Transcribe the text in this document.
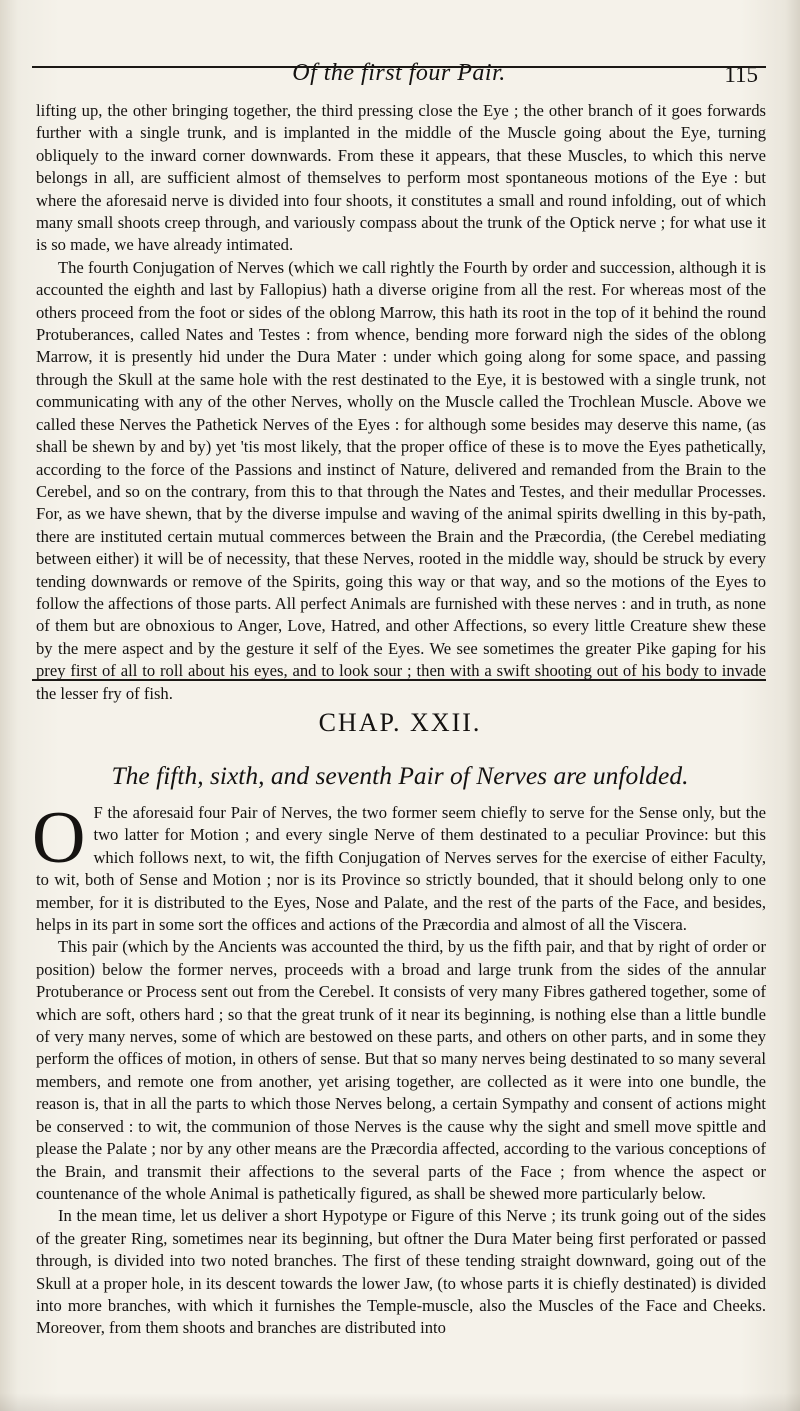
Of the first four Pair.	115

lifting up, the other bringing together, the third pressing close the Eye ; the other branch of it goes forwards further with a single trunk, and is implanted in the middle of the Muscle going about the Eye, turning obliquely to the inward corner downwards. From these it appears, that these Muscles, to which this nerve belongs in all, are sufficient almost of themselves to perform most spontaneous motions of the Eye : but where the aforesaid nerve is divided into four shoots, it constitutes a small and round infolding, out of which many small shoots creep through, and variously compass about the trunk of the Optick nerve ; for what use it is so made, we have already intimated.

The fourth Conjugation of Nerves (which we call rightly the Fourth by order and succession, although it is accounted the eighth and last by Fallopius) hath a diverse origine from all the rest. For whereas most of the others proceed from the foot or sides of the oblong Marrow, this hath its root in the top of it behind the round Protuberances, called Nates and Testes : from whence, bending more forward nigh the sides of the oblong Marrow, it is presently hid under the Dura Mater : under which going along for some space, and passing through the Skull at the same hole with the rest destinated to the Eye, it is bestowed with a single trunk, not communicating with any of the other Nerves, wholly on the Muscle called the Trochlean Muscle. Above we called these Nerves the Pathetick Nerves of the Eyes : for although some besides may deserve this name, (as shall be shewn by and by) yet 'tis most likely, that the proper office of these is to move the Eyes pathetically, according to the force of the Passions and instinct of Nature, delivered and remanded from the Brain to the Cerebel, and so on the contrary, from this to that through the Nates and Testes, and their medullar Processes. For, as we have shewn, that by the diverse impulse and waving of the animal spirits dwelling in this by-path, there are instituted certain mutual commerces between the Brain and the Præcordia, (the Cerebel mediating between either) it will be of necessity, that these Nerves, rooted in the middle way, should be struck by every tending downwards or remove of the Spirits, going this way or that way, and so the motions of the Eyes to follow the affections of those parts. All perfect Animals are furnished with these nerves : and in truth, as none of them but are obnoxious to Anger, Love, Hatred, and other Affections, so every little Creature shew these by the mere aspect and by the gesture it self of the Eyes. We see sometimes the greater Pike gaping for his prey first of all to roll about his eyes, and to look sour ; then with a swift shooting out of his body to invade the lesser fry of fish.

CHAP. XXII.
The fifth, sixth, and seventh Pair of Nerves are unfolded.

O F the aforesaid four Pair of Nerves, the two former seem chiefly to serve for the Sense only, but the two latter for Motion ; and every single Nerve of them destinated to a peculiar Province: but this which follows next, to wit, the fifth Conjugation of Nerves serves for the exercise of either Faculty, to wit, both of Sense and Motion ; nor is its Province so strictly bounded, that it should belong only to one member, for it is distributed to the Eyes, Nose and Palate, and the rest of the parts of the Face, and besides, helps in its part in some sort the offices and actions of the Præcordia and almost of all the Viscera.

This pair (which by the Ancients was accounted the third, by us the fifth pair, and that by right of order or position) below the former nerves, proceeds with a broad and large trunk from the sides of the annular Protuberance or Process sent out from the Cerebel. It consists of very many Fibres gathered together, some of which are soft, others hard ; so that the great trunk of it near its beginning, is nothing else than a little bundle of very many nerves, some of which are bestowed on these parts, and others on other parts, and in some they perform the offices of motion, in others of sense. But that so many nerves being destinated to so many several members, and remote one from another, yet arising together, are collected as it were into one bundle, the reason is, that in all the parts to which those Nerves belong, a certain Sympathy and consent of actions might be conserved : to wit, the communion of those Nerves is the cause why the sight and smell move spittle and please the Palate ; nor by any other means are the Præcordia affected, according to the various conceptions of the Brain, and transmit their affections to the several parts of the Face ; from whence the aspect or countenance of the whole Animal is pathetically figured, as shall be shewed more particularly below.

In the mean time, let us deliver a short Hypotype or Figure of this Nerve ; its trunk going out of the sides of the greater Ring, sometimes near its beginning, but oftner the Dura Mater being first perforated or passed through, is divided into two noted branches. The first of these tending straight downward, going out of the Skull at a proper hole, in its descent towards the lower Jaw, (to whose parts it is chiefly destinated) is divided into more branches, with which it furnishes the Temple-muscle, also the Muscles of the Face and Cheeks. Moreover, from them shoots and branches are distributed into
